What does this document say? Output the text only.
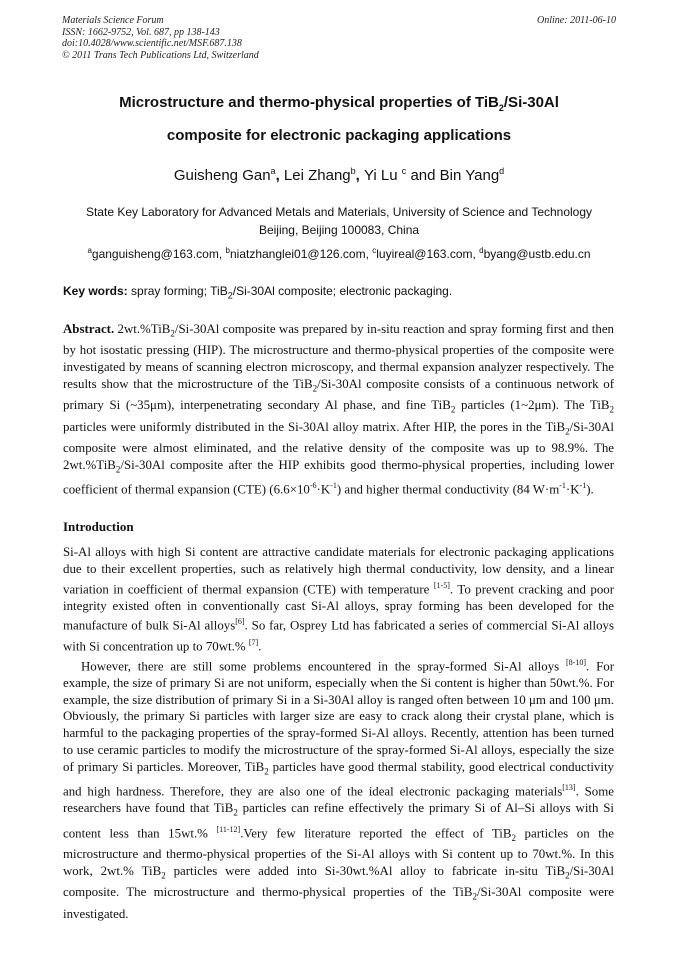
Materials Science Forum
ISSN: 1662-9752, Vol. 687, pp 138-143
doi:10.4028/www.scientific.net/MSF.687.138
© 2011 Trans Tech Publications Ltd, Switzerland
Online: 2011-06-10
Microstructure and thermo-physical properties of TiB$_2$/Si-30Al
composite for electronic packaging applications
Guisheng Gan$^a$, Lei Zhang$^b$, Yi Lu $^c$ and Bin Yang$^d$
State Key Laboratory for Advanced Metals and Materials, University of Science and Technology
Beijing, Beijing 100083, China
$^a$ganguisheng@163.com, $^b$niatzhanglei01@126.com, $^c$luyireal@163.com, $^d$byang@ustb.edu.cn
Key words: spray forming; TiB$_2$/Si-30Al composite; electronic packaging.
Abstract. 2wt.%TiB$_2$/Si-30Al composite was prepared by in-situ reaction and spray forming first and then by hot isostatic pressing (HIP). The microstructure and thermo-physical properties of the composite were investigated by means of scanning electron microscopy, and thermal expansion analyzer respectively. The results show that the microstructure of the TiB$_2$/Si-30Al composite consists of a continuous network of primary Si (~35μm), interpenetrating secondary Al phase, and fine TiB$_2$ particles (1~2μm). The TiB$_2$ particles were uniformly distributed in the Si-30Al alloy matrix. After HIP, the pores in the TiB$_2$/Si-30Al composite were almost eliminated, and the relative density of the composite was up to 98.9%. The 2wt.%TiB$_2$/Si-30Al composite after the HIP exhibits good thermo-physical properties, including lower coefficient of thermal expansion (CTE) (6.6×10$^{-6}$·K$^{-1}$) and higher thermal conductivity (84 W·m$^{-1}$·K$^{-1}$).
Introduction

Si-Al alloys with high Si content are attractive candidate materials for electronic packaging applications due to their excellent properties, such as relatively high thermal conductivity, low density, and a linear variation in coefficient of thermal expansion (CTE) with temperature [1-5]. To prevent cracking and poor integrity existed often in conventionally cast Si-Al alloys, spray forming has been developed for the manufacture of bulk Si-Al alloys[6]. So far, Osprey Ltd has fabricated a series of commercial Si-Al alloys with Si concentration up to 70wt.% [7].

However, there are still some problems encountered in the spray-formed Si-Al alloys [8-10]. For example, the size of primary Si are not uniform, especially when the Si content is higher than 50wt.%. For example, the size distribution of primary Si in a Si-30Al alloy is ranged often between 10 μm and 100 μm. Obviously, the primary Si particles with larger size are easy to crack along their crystal plane, which is harmful to the packaging properties of the spray-formed Si-Al alloys. Recently, attention has been turned to use ceramic particles to modify the microstructure of the spray-formed Si-Al alloys, especially the size of primary Si particles. Moreover, TiB$_2$ particles have good thermal stability, good electrical conductivity and high hardness. Therefore, they are also one of the ideal electronic packaging materials[13]. Some researchers have found that TiB$_2$ particles can refine effectively the primary Si of Al–Si alloys with Si content less than 15wt.% [11-12].Very few literature reported the effect of TiB$_2$ particles on the microstructure and thermo-physical properties of the Si-Al alloys with Si content up to 70wt.%. In this work, 2wt.% TiB$_2$ particles were added into Si-30wt.%Al alloy to fabricate in-situ TiB$_2$/Si-30Al composite. The microstructure and thermo-physical properties of the TiB$_2$/Si-30Al composite were investigated.
